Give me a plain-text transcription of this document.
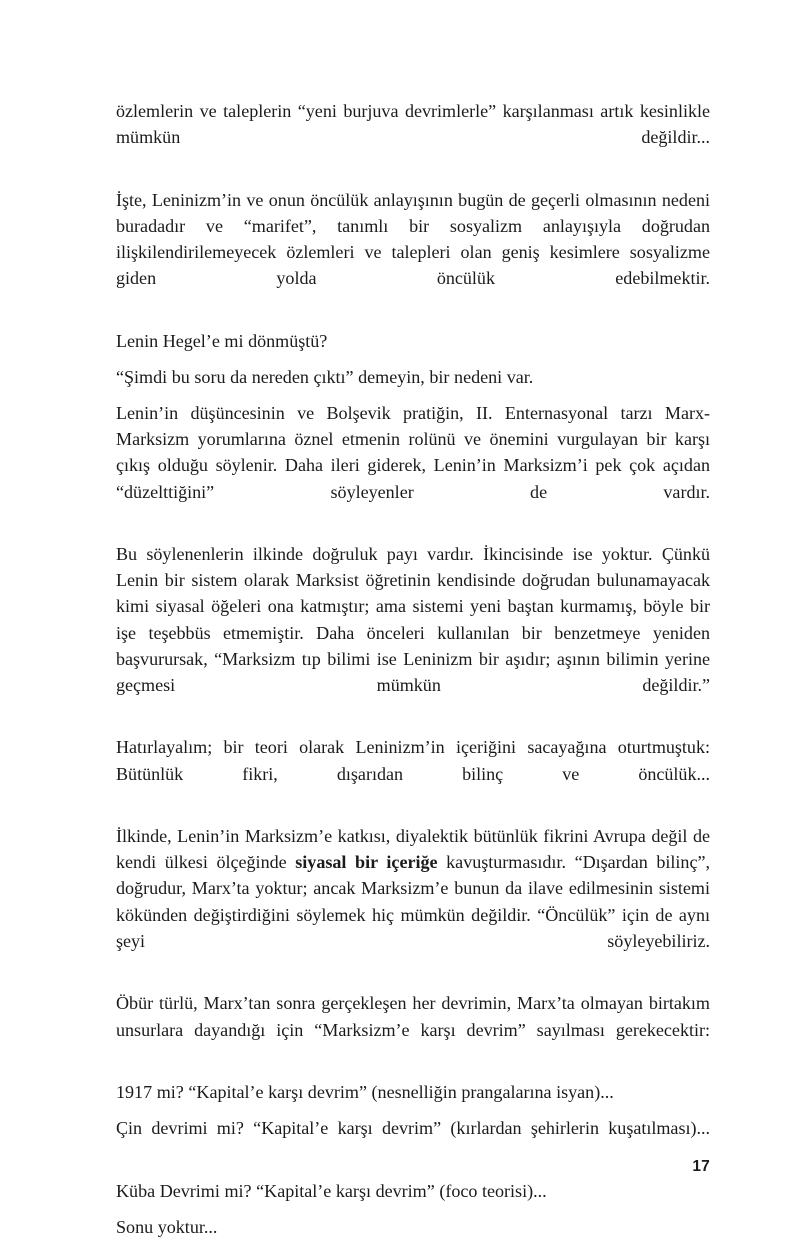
özlemlerin ve taleplerin “yeni burjuva devrimlerle” karşılanması artık kesinlikle mümkün değildir...

İşte, Leninizm’in ve onun öncülük anlayışının bugün de geçerli olmasının nedeni buradadır ve “marifet”, tanımlı bir sosyalizm anlayışıyla doğrudan ilişkilendirilemeyecek özlemleri ve talepleri olan geniş kesimlere sosyalizme giden yolda öncülük edebilmektir.

Lenin Hegel’e mi dönmüştü?

“Şimdi bu soru da nereden çıktı” demeyin, bir nedeni var.

Lenin’in düşüncesinin ve Bolşevik pratiğin, II. Enternasyonal tarzı Marx-Marksizm yorumlarına öznel etmenin rolünü ve önemini vurgulayan bir karşı çıkış olduğu söylenir. Daha ileri giderek, Lenin’in Marksizm’i pek çok açıdan “düzelttiğini” söyleyenler de vardır.

Bu söylenenlerin ilkinde doğruluk payı vardır. İkincisinde ise yoktur. Çünkü Lenin bir sistem olarak Marksist öğretinin kendisinde doğrudan bulunamayacak kimi siyasal öğeleri ona katmıştır; ama sistemi yeni baştan kurmamış, böyle bir işe teşebbüs etmemiştir. Daha önceleri kullanılan bir benzetmeye yeniden başvurursak, “Marksizm tıp bilimi ise Leninizm bir aşıdır; aşının bilimin yerine geçmesi mümkün değildir.”

Hatırlayalım; bir teori olarak Leninizm’in içeriğini sacayağına oturtmuştuk: Bütünlük fikri, dışarıdan bilinç ve öncülük...

İlkinde, Lenin’in Marksizm’e katkısı, diyalektik bütünlük fikrini Avrupa değil de kendi ülkesi ölçeğinde siyasal bir içeriğe kavuşturmasıdır. “Dışardan bilinç”, doğrudur, Marx’ta yoktur; ancak Marksizm’e bunun da ilave edilmesinin sistemi kökünden değiştirdiğini söylemek hiç mümkün değildir. “Öncülük” için de aynı şeyi söyleyebiliriz.

Öbür türlü, Marx’tan sonra gerçekleşen her devrimin, Marx’ta olmayan birtakım unsurlara dayandığı için “Marksizm’e karşı devrim” sayılması gerekecektir:

1917 mi? “Kapital’e karşı devrim” (nesnelliğin prangalarına isyan)...

Çin devrimi mi? “Kapital’e karşı devrim” (kırlardan şehirlerin kuşatılması)...

Küba Devrimi mi? “Kapital’e karşı devrim” (foco teorisi)...

Sonu yoktur...

17
